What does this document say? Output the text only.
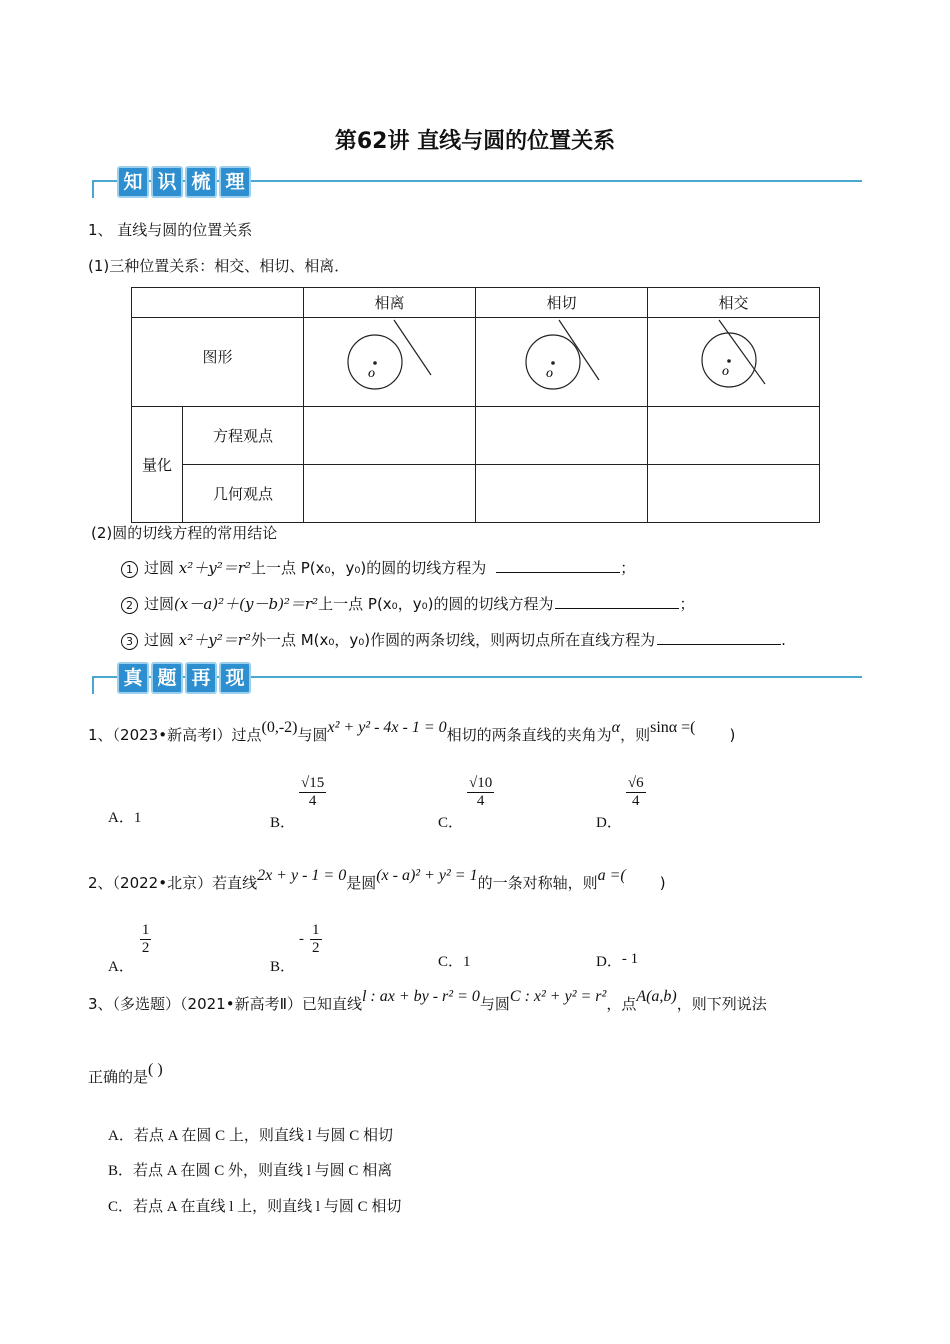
第62讲 直线与圆的位置关系
知 识 梳 理
1、 直线与圆的位置关系
(1)三种位置关系：相交、相切、相离．
		相离	相切	相交
图形		o	o	o

量化	方程观点			
	几何观点			
(2)圆的切线方程的常用结论
1 过圆 x²＋y²＝r²上一点 P(x₀，y₀)的圆的切线方程为	；
2 过圆(x－a)²＋(y－b)²＝r²上一点 P(x₀，y₀)的圆的切线方程为	；
3 过圆 x²＋y²＝r²外一点 M(x₀，y₀)作圆的两条切线，则两切点所在直线方程为	.
真 题 再 现
1、（2023•新高考Ⅰ）过点(0,-2)与圆x² + y² - 4x - 1 = 0相切的两条直线的夹角为α，则sinα =( )
A．1	B．
$\frac{√15}{4}$
C．
$\frac{√10}{4}$
D．
$\frac{√6}{4}$
2、（2022•北京）若直线2x + y - 1 = 0是圆(x - a)² + y² = 1的一条对称轴，则a =( )
A．
$\frac{1}{2}$
B．- $\frac{1}{2}$
C．1	D．- 1
3、（多选题）（2021•新高考Ⅱ）已知直线l : ax + by - r² = 0与圆C : x² + y² = r²，点A(a,b)，则下列说法
正确的是( )
A．若点 A 在圆 C 上，则直线 l 与圆 C 相切
B．若点 A 在圆 C 外，则直线 l 与圆 C 相离
C．若点 A 在直线 l 上，则直线 l 与圆 C 相切
